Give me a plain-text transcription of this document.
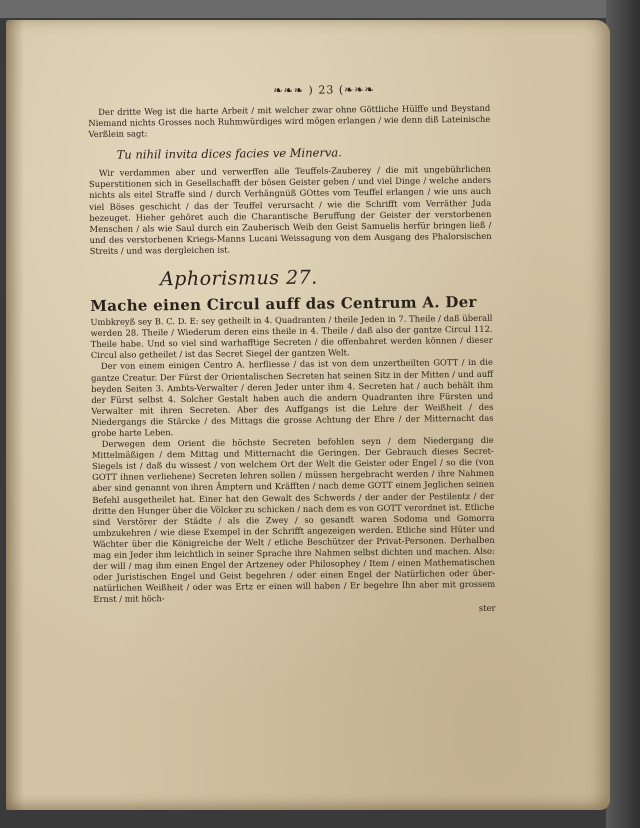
❧❧❧ ) 23 (❧❧❧

Der dritte Weg ist die harte Arbeit / mit welcher zwar ohne Göttliche Hülffe und Beystand Niemand nichts Grosses noch Ruhmwürdiges wird mögen erlangen / wie denn diß Lateinische Verßlein sagt:

Tu nihil invita dices facies ve Minerva.

Wir verdammen aber und verwerffen alle Teuffels-Zauberey / die mit ungebührlichen Superstitionen sich in Gesellschafft der bösen Geister geben / und viel Dinge / welche anders nichts als eitel Straffe sind / durch Verhängnüß GOttes vom Teuffel erlangen / wie uns auch viel Böses geschicht / das der Teuffel verursacht / wie die Schrifft vom Verräther Juda bezeuget. Hieher gehöret auch die Charantische Beruffung der Geister der verstorbenen Menschen / als wie Saul durch ein Zauberisch Weib den Geist Samuelis herfür bringen ließ / und des verstorbenen Kriegs-Manns Lucani Weissagung von dem Ausgang des Phalorsischen Streits / und was dergleichen ist.

Aphorismus 27.
Mache einen Circul auff das Centrum A. Der

Umbkreyß sey B. C. D. E: sey getheilt in 4. Quadranten / theile Jeden in 7. Theile / daß überall werden 28. Theile / Wiederum deren eins theile in 4. Theile / daß also der gantze Circul 112. Theile habe. Und so viel sind warhafftige Secreten / die offenbahret werden können / dieser Circul also getheilet / ist das Secret Siegel der gantzen Welt.

Der von einem einigen Centro A. herfliesse / das ist von dem unzertheilten GOTT / in die gantze Creatur. Der Fürst der Orientalischen Secreten hat seinen Sitz in der Mitten / und auff beyden Seiten 3. Ambts-Verwalter / deren Jeder unter ihm 4. Secreten hat / auch behält ihm der Fürst selbst 4. Solcher Gestalt haben auch die andern Quadranten ihre Fürsten und Verwalter mit ihren Secreten. Aber des Auffgangs ist die Lehre der Weißheit / des Niedergangs die Stärcke / des Mittags die grosse Achtung der Ehre / der Mitternacht das grobe harte Leben.

Derwegen dem Orient die höchste Secreten befohlen seyn / dem Niedergang die Mittelmäßigen / dem Mittag und Mitternacht die Geringen. Der Gebrauch dieses Secret-Siegels ist / daß du wissest / von welchem Ort der Welt die Geister oder Engel / so die (von GOTT ihnen verliehene) Secreten lehren sollen / müssen hergebracht werden / ihre Nahmen aber sind genannt von ihren Ämptern und Kräfften / nach deme GOTT einem Jeglichen seinen Befehl ausgetheilet hat. Einer hat den Gewalt des Schwerds / der ander der Pestilentz / der dritte den Hunger über die Völcker zu schicken / nach dem es von GOTT verordnet ist. Etliche sind Verstörer der Städte / als die Zwey / so gesandt waren Sodoma und Gomorra umbzukehren / wie diese Exempel in der Schrifft angezeigen werden. Etliche sind Hüter und Wächter über die Königreiche der Welt / etliche Beschützer der Privat-Personen. Derhalben mag ein Jeder ihm leichtlich in seiner Sprache ihre Nahmen selbst dichten und machen. Also: der will / mag ihm einen Engel der Artzeney oder Philosophey / Item / einen Mathematischen oder Juristischen Engel und Geist begehren / oder einen Engel der Natürlichen oder über-natürlichen Weißheit / oder was Ertz er einen will haben / Er begehre Ihn aber mit grossem Ernst / mit höch-

ster
